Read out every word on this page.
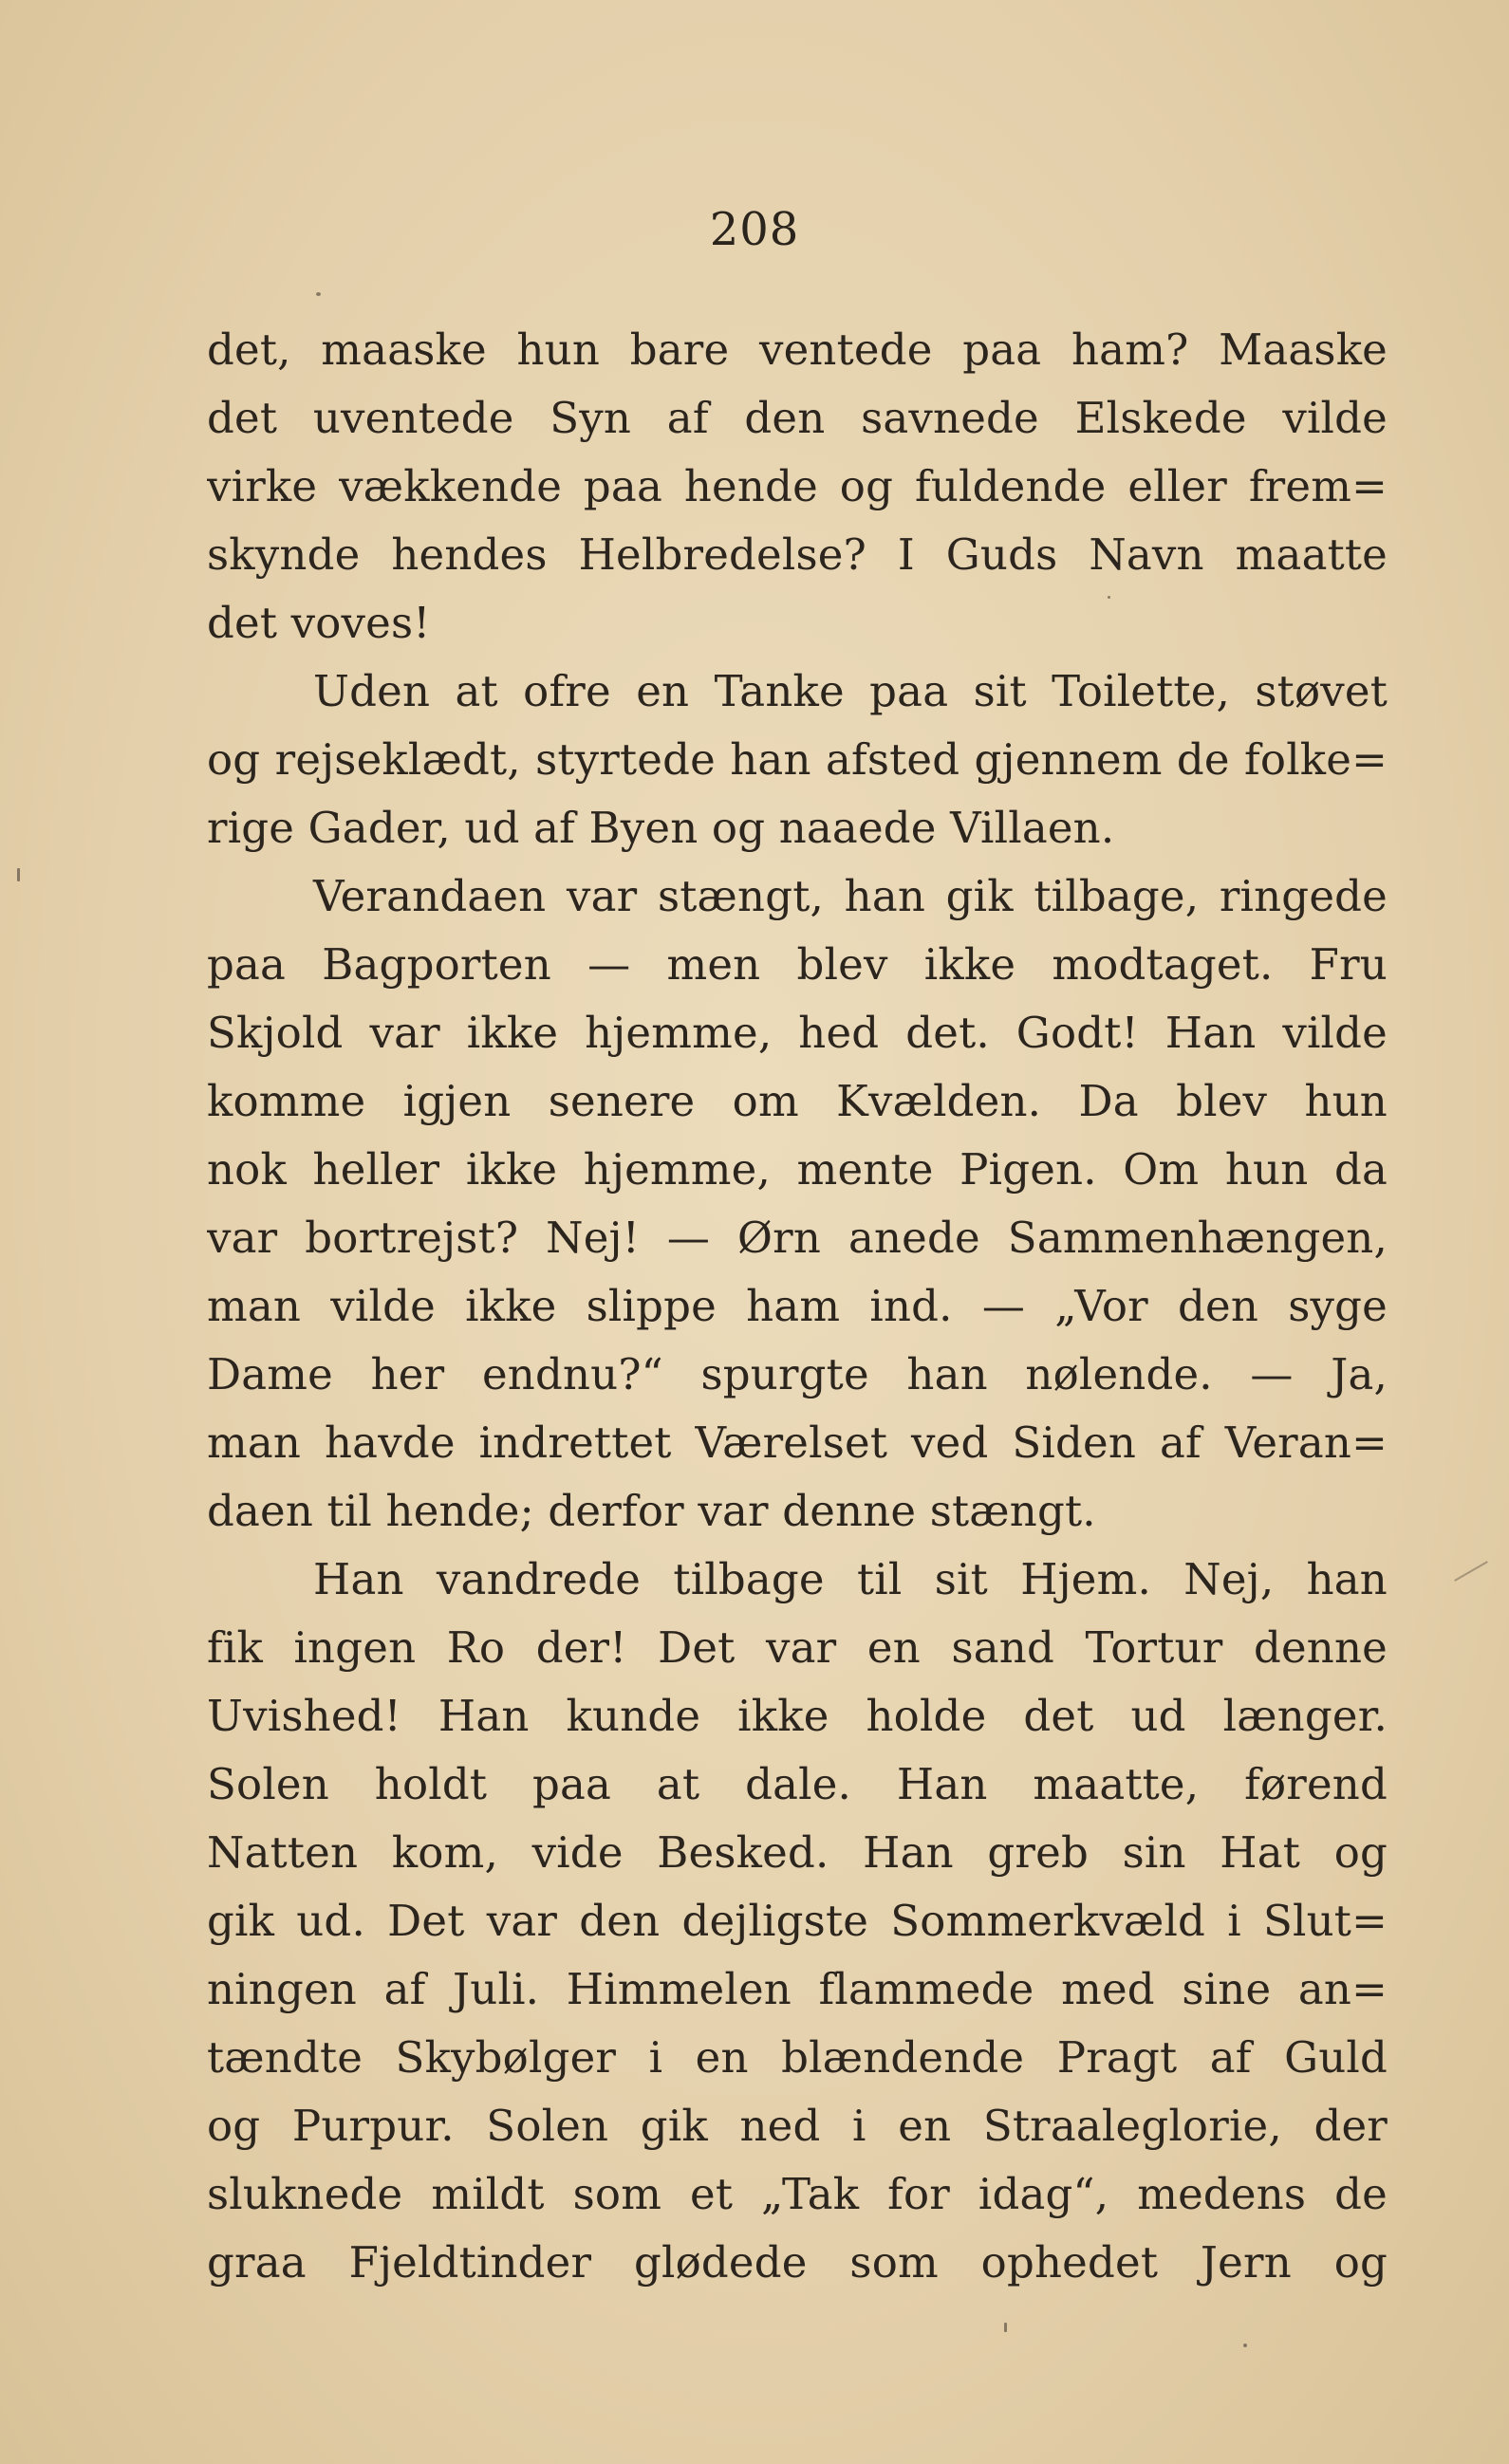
208
det, maaske hun bare ventede paa ham? Maaske
det uventede Syn af den savnede Elskede vilde
virke vækkende paa hende og fuldende eller frem=
skynde hendes Helbredelse? I Guds Navn maatte
det voves!
Uden at ofre en Tanke paa sit Toilette, støvet
og rejseklædt, styrtede han afsted gjennem de folke=
rige Gader, ud af Byen og naaede Villaen.
Verandaen var stængt, han gik tilbage, ringede
paa Bagporten — men blev ikke modtaget. Fru
Skjold var ikke hjemme, hed det. Godt! Han vilde
komme igjen senere om Kvælden. Da blev hun
nok heller ikke hjemme, mente Pigen. Om hun da
var bortrejst? Nej! — Ørn anede Sammenhængen,
man vilde ikke slippe ham ind. — „Vor den syge
Dame her endnu?“ spurgte han nølende. — Ja,
man havde indrettet Værelset ved Siden af Veran=
daen til hende; derfor var denne stængt.
Han vandrede tilbage til sit Hjem. Nej, han
fik ingen Ro der! Det var en sand Tortur denne
Uvished! Han kunde ikke holde det ud længer.
Solen holdt paa at dale. Han maatte, førend
Natten kom, vide Besked. Han greb sin Hat og
gik ud. Det var den dejligste Sommerkvæld i Slut=
ningen af Juli. Himmelen flammede med sine an=
tændte Skybølger i en blændende Pragt af Guld
og Purpur. Solen gik ned i en Straaleglorie, der
sluknede mildt som et „Tak for idag“, medens de
graa Fjeldtinder glødede som ophedet Jern og
